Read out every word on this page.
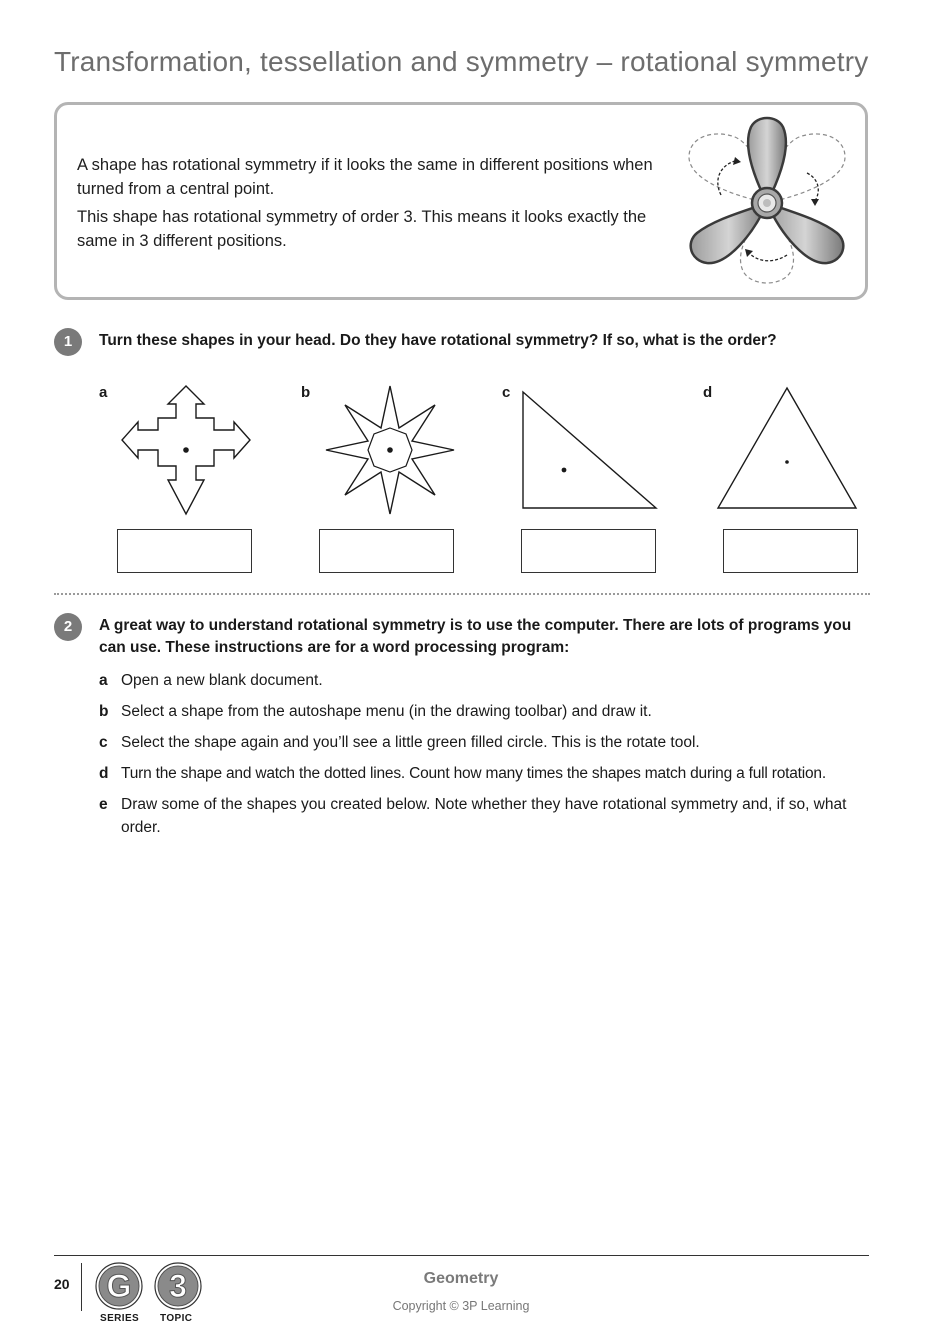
Transformation, tessellation and symmetry – rotational symmetry

A shape has rotational symmetry if it looks the same in different positions when turned from a central point.

This shape has rotational symmetry of order 3. This means it looks exactly the same in 3 different positions.

1	Turn these shapes in your head. Do they have rotational symmetry? If so, what is the order?
a	b	c	d
2	A great way to understand rotational symmetry is to use the computer. There are lots of programs you can use. These instructions are for a word processing program:
a Open a new blank document.
b Select a shape from the autoshape menu (in the drawing toolbar) and draw it.
c Select the shape again and you’ll see a little green filled circle. This is the rotate tool.
d Turn the shape and watch the dotted lines. Count how many times the shapes match during a full rotation.
e Draw some of the shapes you created below. Note whether they have rotational symmetry and, if so, what order.
20 G
SERIES
3
TOPIC
Geometry
Copyright © 3P Learning
